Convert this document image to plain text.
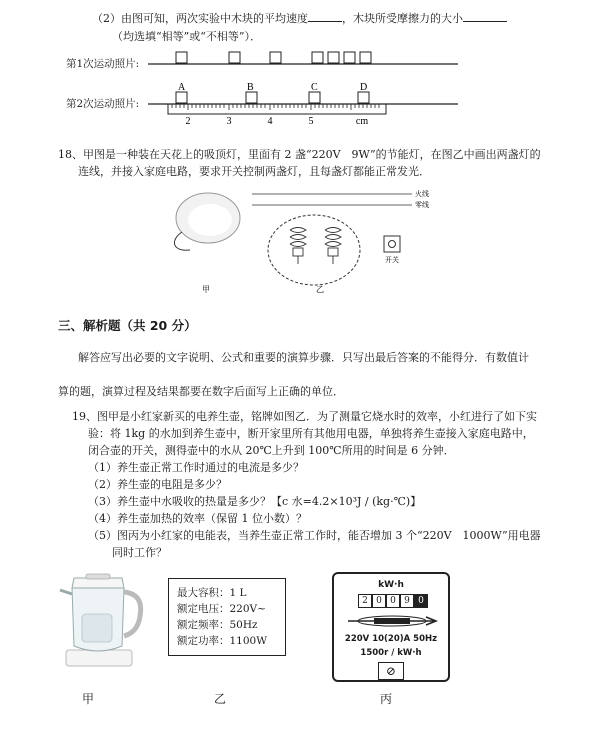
（2）由图可知，两次实验中木块的平均速度	，木块所受摩擦力的大小
（均选填“相等”或“不相等”）．
第1次运动照片:
第2次运动照片:
A	B	C	D
2	3	4	5	cm
18、甲图是一种装在天花上的吸顶灯，里面有 2 盏“220V　9W”的节能灯，在图乙中画出两盏灯的
连线，并接入家庭电路，要求开关控制两盏灯，且每盏灯都能正常发光．
甲
火线
零线
乙
开关
三、解析题（共 20 分）
解答应写出必要的文字说明、公式和重要的演算步骤．只写出最后答案的不能得分．有数值计
算的题，演算过程及结果都要在数字后面写上正确的单位．
19、图甲是小红家新买的电养生壶，铭牌如图乙．为了测量它烧水时的效率，小红进行了如下实
验：将 1kg 的水加到养生壶中，断开家里所有其他用电器，单独将养生壶接入家庭电路中，
闭合壶的开关，测得壶中的水从 20℃上升到 100℃所用的时间是 6 分钟．
（1）养生壶正常工作时通过的电流是多少？
（2）养生壶的电阻是多少？
（3）养生壶中水吸收的热量是多少？【c 水=4.2×10³J / (kg·℃)】
（4）养生壶加热的效率（保留 1 位小数）？
（5）图丙为小红家的电能表，当养生壶正常工作时，能否增加 3 个“220V　1000W”用电器
同时工作？
最大容积：1 L
额定电压：220V~
额定频率：50Hz
额定功率：1100W
kW·h
2 0 0 9 0
220V 10(20)A 50Hz
1500r / kW·h
⊘
甲	乙	丙
